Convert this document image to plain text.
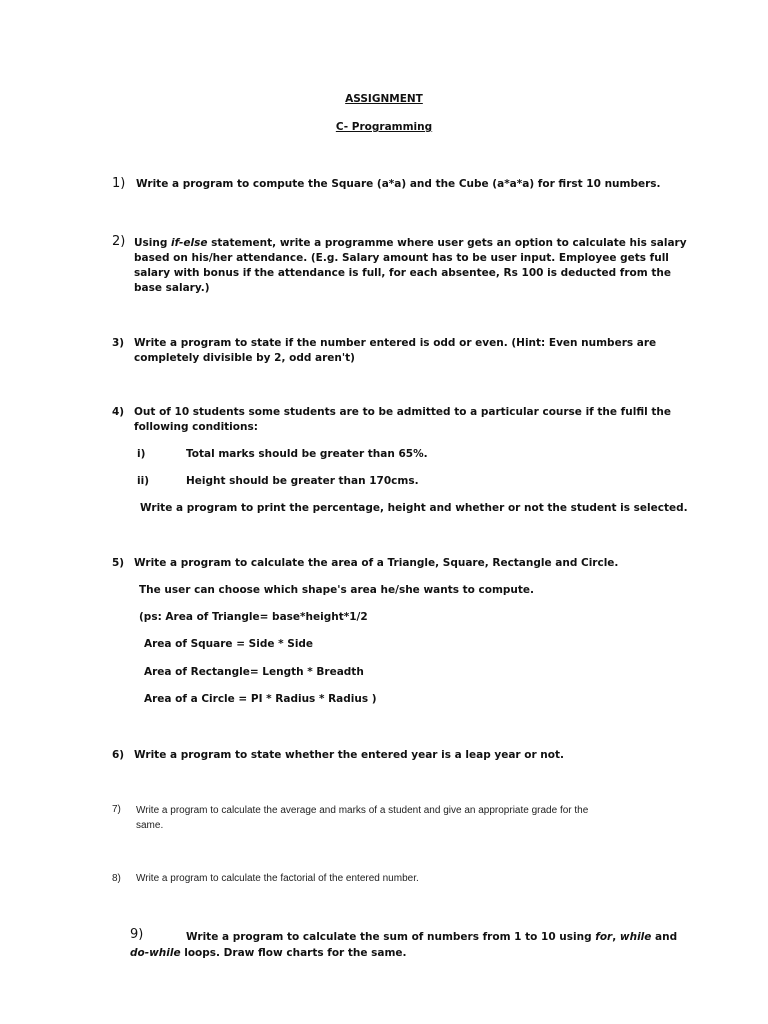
ASSIGNMENT
C- Programming
1) Write a program to compute the Square (a*a) and the Cube (a*a*a) for first 10 numbers.
2) Using if-else statement, write a programme where user gets an option to calculate his salary
based on his/her attendance. (E.g. Salary amount has to be user input. Employee gets full
salary with bonus if the attendance is full, for each absentee, Rs 100 is deducted from the
base salary.)
3) Write a program to state if the number entered is odd or even. (Hint: Even numbers are
completely divisible by 2, odd aren't)
4) Out of 10 students some students are to be admitted to a particular course if the fulfil the
following conditions:
i)	Total marks should be greater than 65%.
ii)	Height should be greater than 170cms.
Write a program to print the percentage, height and whether or not the student is selected.
5) Write a program to calculate the area of a Triangle, Square, Rectangle and Circle.
The user can choose which shape's area he/she wants to compute.
(ps: Area of Triangle= base*height*1/2
Area of Square = Side * Side
Area of Rectangle= Length * Breadth
Area of a Circle = PI * Radius * Radius )
6) Write a program to state whether the entered year is a leap year or not.
7) Write a program to calculate the average and marks of a student and give an appropriate grade for the
same.
8) Write a program to calculate the factorial of the entered number.
9)	Write a program to calculate the sum of numbers from 1 to 10 using for, while and
do-while loops. Draw flow charts for the same.
